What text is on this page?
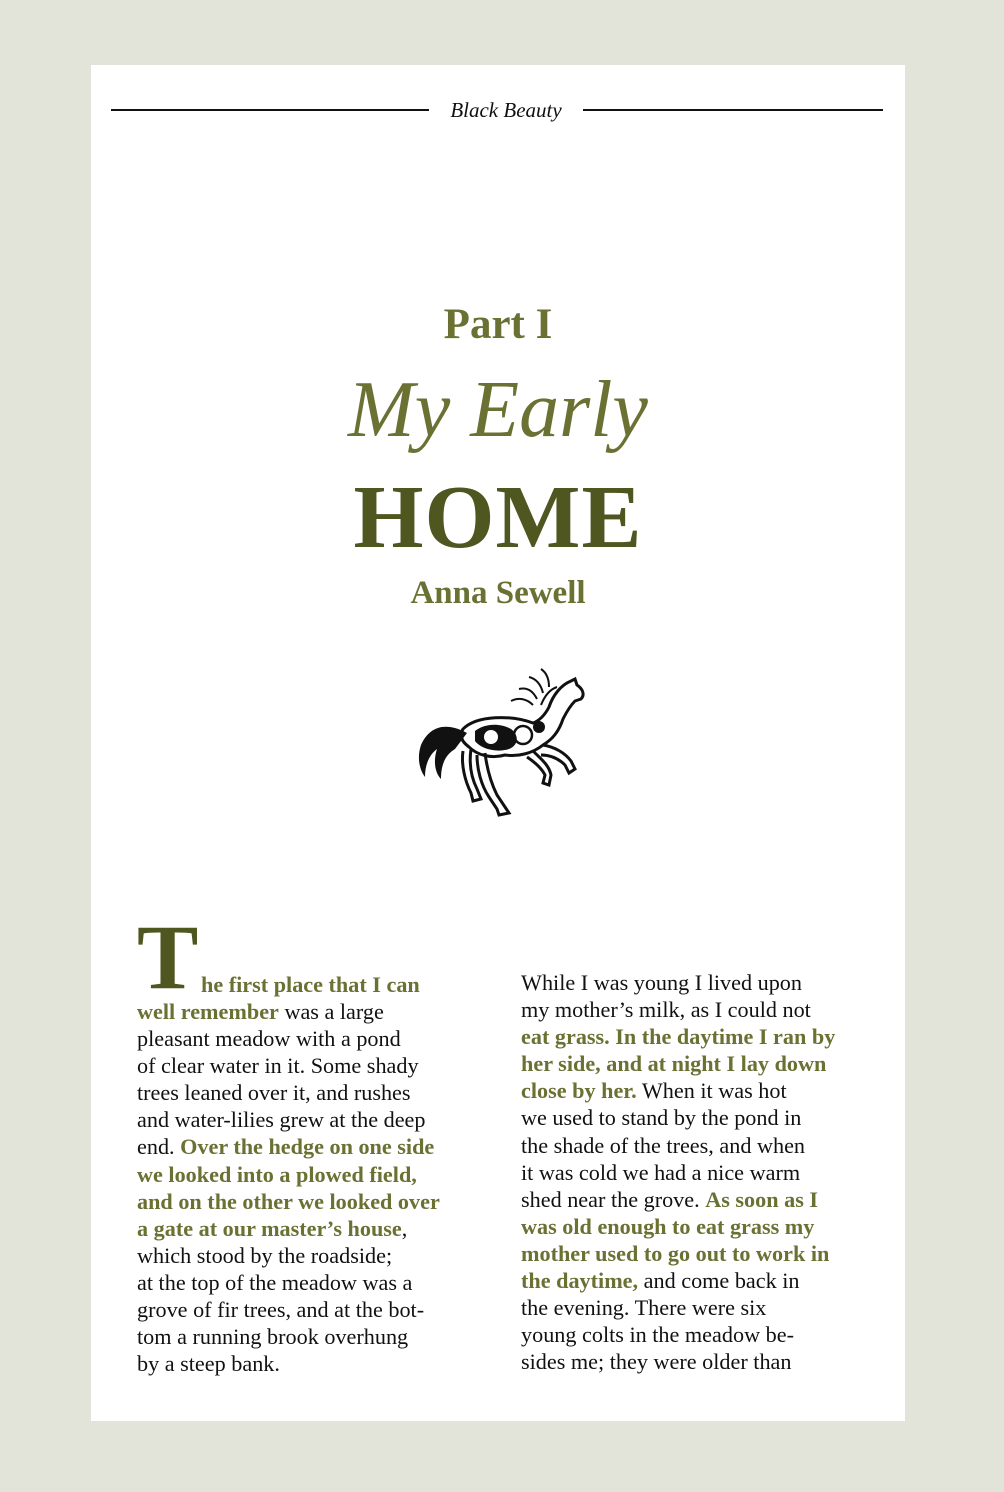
Black Beauty
Part I
My Early
HOME
Anna Sewell
T he first place that I can
well remember was a large
pleasant meadow with a pond
of clear water in it. Some shady
trees leaned over it, and rushes
and water-lilies grew at the deep
end. Over the hedge on one side
we looked into a plowed field,
and on the other we looked over
a gate at our master’s house,
which stood by the roadside;
at the top of the meadow was a
grove of fir trees, and at the bot-
tom a running brook overhung
by a steep bank.
While I was young I lived upon
my mother’s milk, as I could not
eat grass. In the daytime I ran by
her side, and at night I lay down
close by her. When it was hot
we used to stand by the pond in
the shade of the trees, and when
it was cold we had a nice warm
shed near the grove. As soon as I
was old enough to eat grass my
mother used to go out to work in
the daytime, and come back in
the evening. There were six
young colts in the meadow be-
sides me; they were older than
